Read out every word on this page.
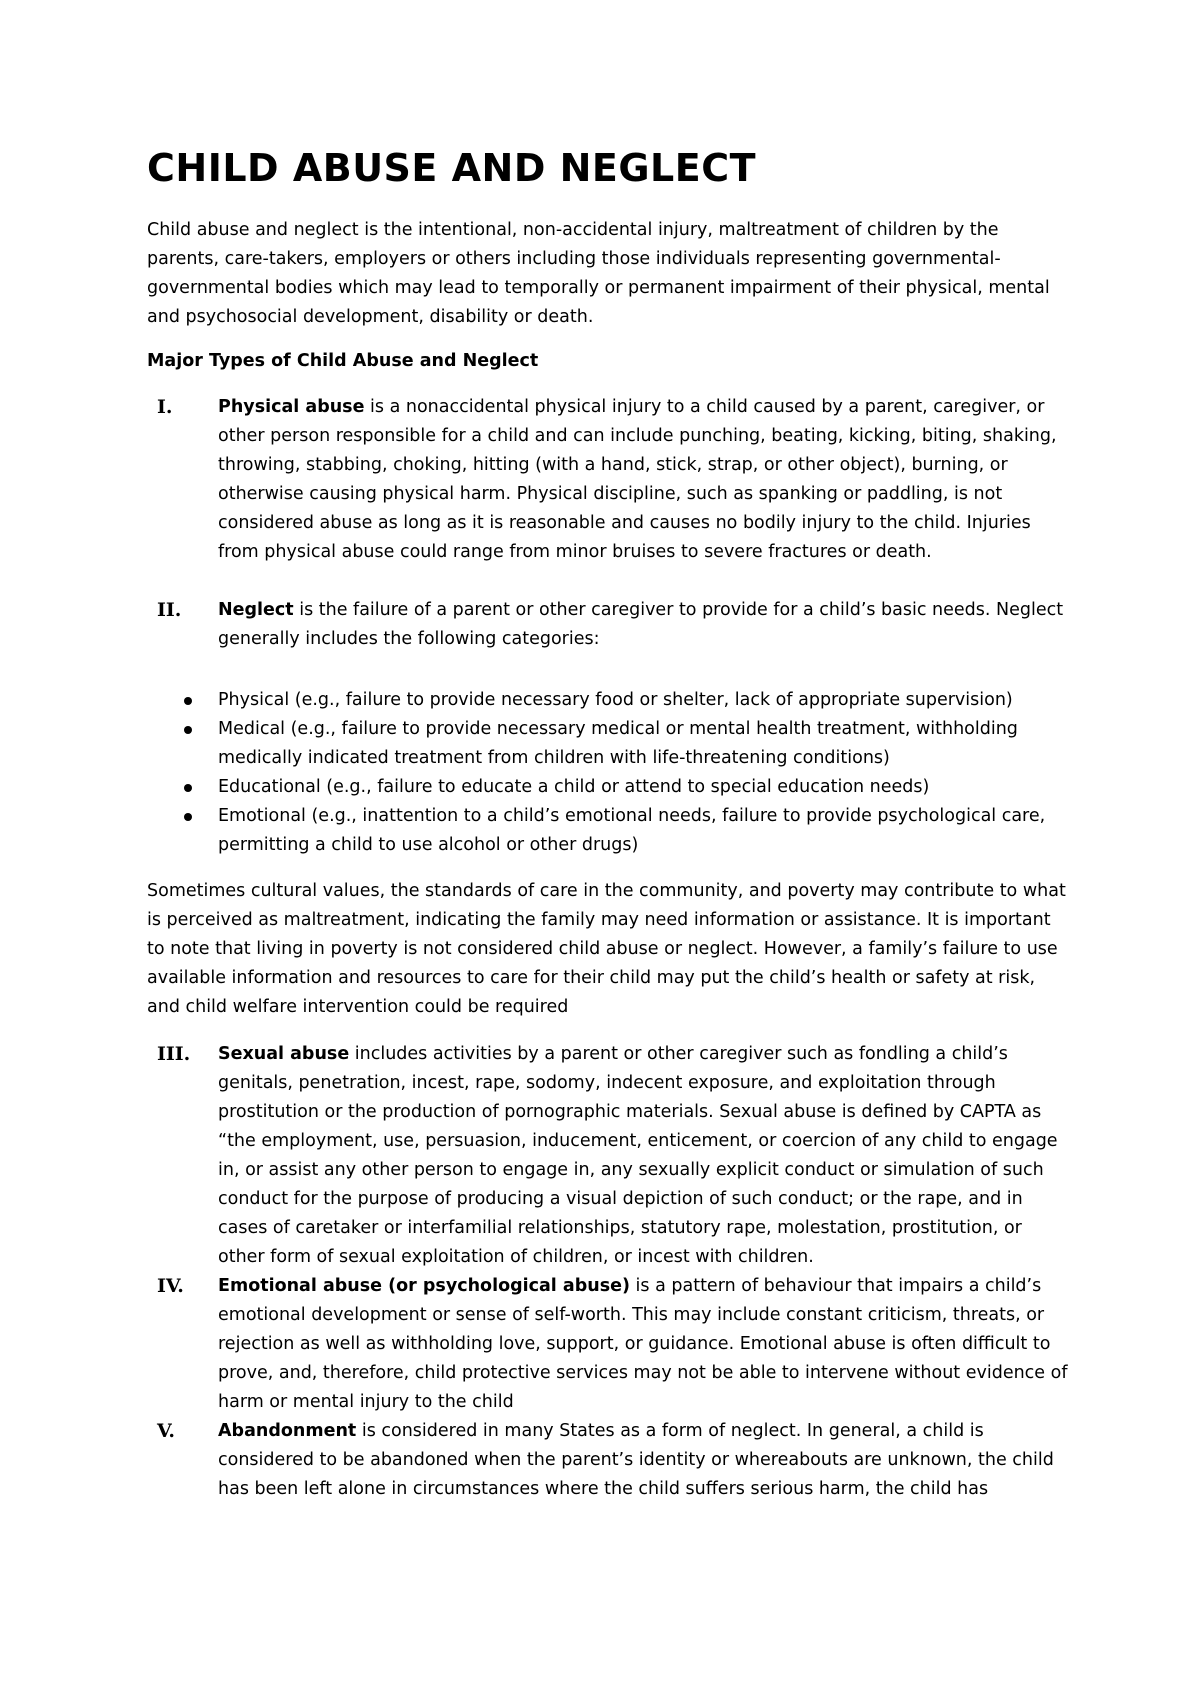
CHILD ABUSE AND NEGLECT

Child abuse and neglect is the intentional, non-accidental injury, maltreatment of children by the parents, care-takers, employers or others including those individuals representing governmental-governmental bodies which may lead to temporally or permanent impairment of their physical, mental and psychosocial development, disability or death.

Major Types of Child Abuse and Neglect

I.	Physical abuse is a nonaccidental physical injury to a child caused by a parent, caregiver, or other person responsible for a child and can include punching, beating, kicking, biting, shaking, throwing, stabbing, choking, hitting (with a hand, stick, strap, or other object), burning, or otherwise causing physical harm. Physical discipline, such as spanking or paddling, is not considered abuse as long as it is reasonable and causes no bodily injury to the child. Injuries from physical abuse could range from minor bruises to severe fractures or death.

II. Neglect is the failure of a parent or other caregiver to provide for a child’s basic needs. Neglect generally includes the following categories:

Physical (e.g., failure to provide necessary food or shelter, lack of appropriate supervision)
Medical (e.g., failure to provide necessary medical or mental health treatment, withholding medically indicated treatment from children with life-threatening conditions)
Educational (e.g., failure to educate a child or attend to special education needs)
Emotional (e.g., inattention to a child’s emotional needs, failure to provide psychological care, permitting a child to use alcohol or other drugs)

Sometimes cultural values, the standards of care in the community, and poverty may contribute to what is perceived as maltreatment, indicating the family may need information or assistance. It is important to note that living in poverty is not considered child abuse or neglect. However, a family’s failure to use available information and resources to care for their child may put the child’s health or safety at risk, and child welfare intervention could be required

III. Sexual abuse includes activities by a parent or other caregiver such as fondling a child’s genitals, penetration, incest, rape, sodomy, indecent exposure, and exploitation through prostitution or the production of pornographic materials. Sexual abuse is defined by CAPTA as “the employment, use, persuasion, inducement, enticement, or coercion of any child to engage in, or assist any other person to engage in, any sexually explicit conduct or simulation of such conduct for the purpose of producing a visual depiction of such conduct; or the rape, and in cases of caretaker or interfamilial relationships, statutory rape, molestation, prostitution, or other form of sexual exploitation of children, or incest with children.

IV. Emotional abuse (or psychological abuse) is a pattern of behaviour that impairs a child’s emotional development or sense of self-worth. This may include constant criticism, threats, or rejection as well as withholding love, support, or guidance. Emotional abuse is often difficult to prove, and, therefore, child protective services may not be able to intervene without evidence of harm or mental injury to the child

V. Abandonment is considered in many States as a form of neglect. In general, a child is considered to be abandoned when the parent’s identity or whereabouts are unknown, the child has been left alone in circumstances where the child suffers serious harm, the child has
